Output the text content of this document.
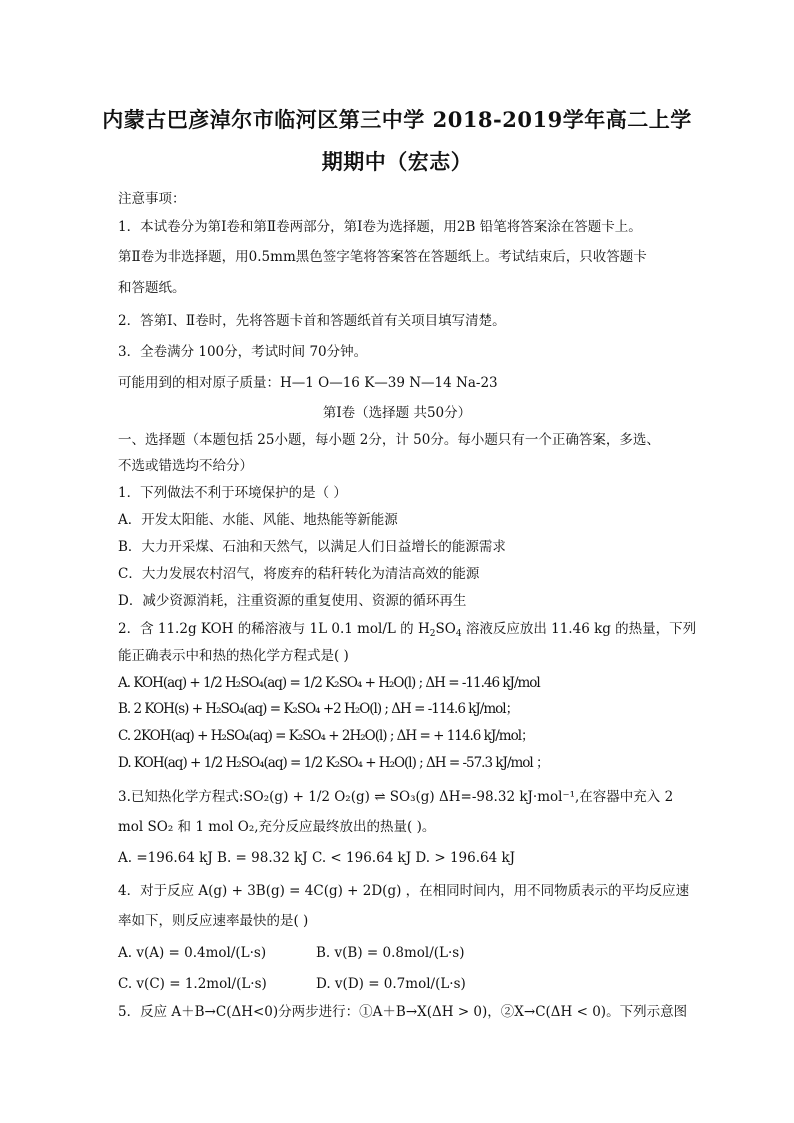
内蒙古巴彦淖尔市临河区第三中学 2018-2019学年高二上学
期期中（宏志）
注意事项：
1．本试卷分为第Ⅰ卷和第Ⅱ卷两部分，第Ⅰ卷为选择题，用2B 铅笔将答案涂在答题卡上。
第Ⅱ卷为非选择题，用0.5mm黑色签字笔将答案答在答题纸上。考试结束后，只收答题卡
和答题纸。
2．答第Ⅰ、Ⅱ卷时，先将答题卡首和答题纸首有关项目填写清楚。
3．全卷满分 100分，考试时间 70分钟。
可能用到的相对原子质量：H—1 O—16 K—39 N—14 Na-23
第Ⅰ卷（选择题 共50分）
一、选择题（本题包括 25小题，每小题 2分，计 50分。每小题只有一个正确答案，多选、
不选或错选均不给分）
1．下列做法不利于环境保护的是（ ）
A．开发太阳能、水能、风能、地热能等新能源
B．大力开采煤、石油和天然气，以满足人们日益增长的能源需求
C．大力发展农村沼气，将废弃的秸秆转化为清洁高效的能源
D．减少资源消耗，注重资源的重复使用、资源的循环再生
2．含 11.2g KOH 的稀溶液与 1L 0.1 mol/L 的 $H_2SO_4$ 溶液反应放出 11.46 kg 的热量，下列
能正确表示中和热的热化学方程式是( )
A. KOH(aq) + 1/2 H₂SO₄(aq) = 1/2 K₂SO₄ + H₂O(l) ; ΔH = -11.46 kJ/mol
B. 2 KOH(s) + H₂SO₄(aq) = K₂SO₄ +2 H₂O(l) ; ΔH = -114.6 kJ/mol；
C. 2KOH(aq) + H₂SO₄(aq) = K₂SO₄ + 2H₂O(l) ; ΔH = + 114.6 kJ/mol；
D. KOH(aq) + 1/2 H₂SO₄(aq) = 1/2 K₂SO₄ + H₂O(l) ; ΔH = -57.3 kJ/mol ；
3.已知热化学方程式:SO₂(g) + 1/2 O₂(g) ⇌ SO₃(g) ΔH=-98.32 kJ·mol⁻¹,在容器中充入 2
mol SO₂ 和 1 mol O₂,充分反应最终放出的热量( )。
A. =196.64 kJ B. = 98.32 kJ C. < 196.64 kJ D. > 196.64 kJ
4．对于反应 A(g) + 3B(g) = 4C(g) + 2D(g) ，在相同时间内，用不同物质表示的平均反应速
率如下，则反应速率最快的是( )
A. v(A) = 0.4mol/(L·s)	B. v(B) = 0.8mol/(L·s)
C. v(C) = 1.2mol/(L·s)	D. v(D) = 0.7mol/(L·s)
5．反应 A＋B→C(ΔH<0)分两步进行：①A＋B→X(ΔH > 0)，②X→C(ΔH < 0)。下列示意图
